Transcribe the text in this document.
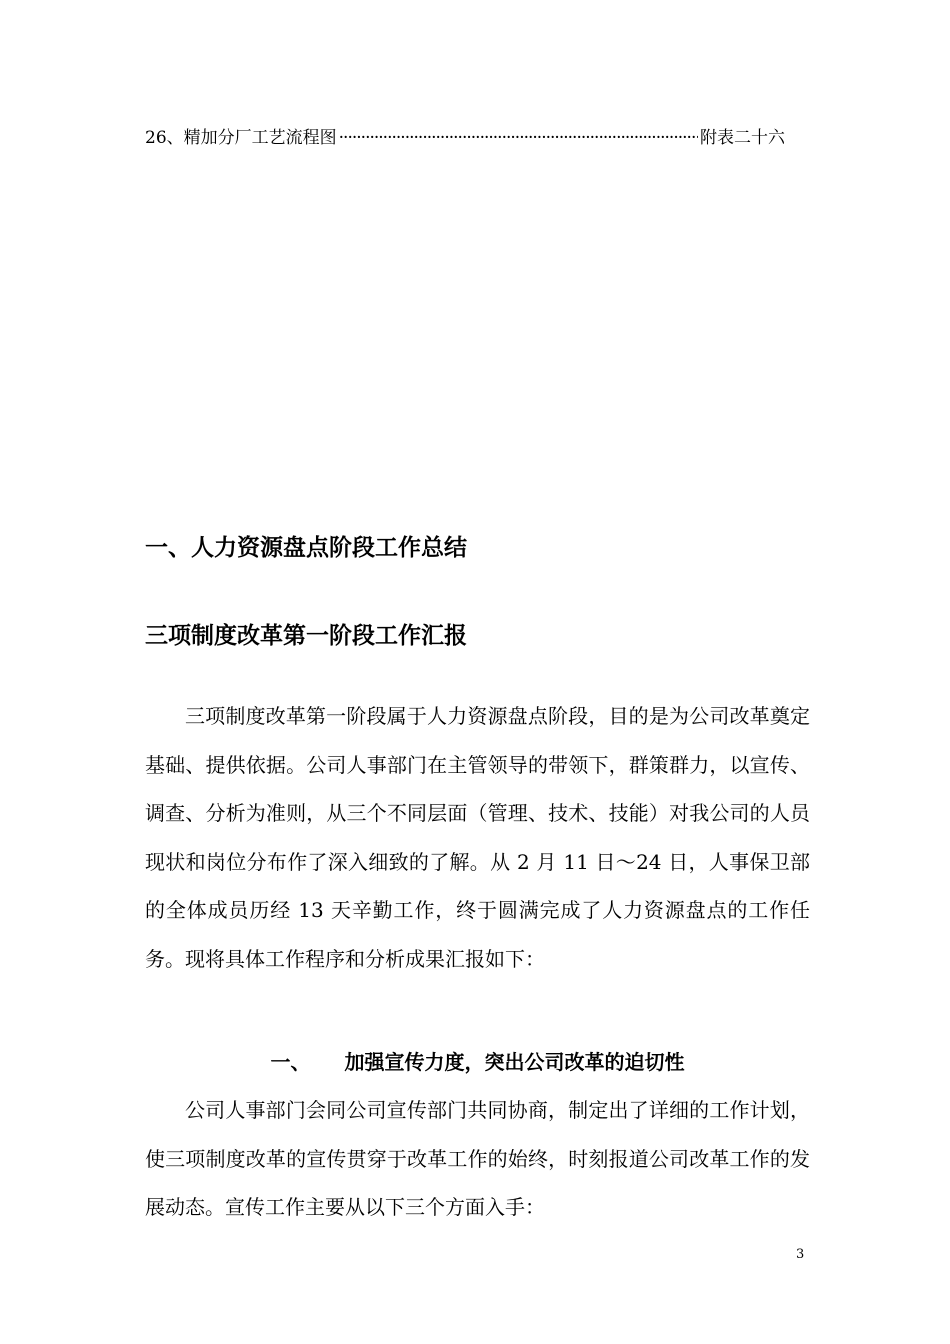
26、精加分厂工艺流程图
·····	附表二十六
一、人力资源盘点阶段工作总结
三项制度改革第一阶段工作汇报

三项制度改革第一阶段属于人力资源盘点阶段，目的是为公司改革奠定基础、提供依据。公司人事部门在主管领导的带领下，群策群力，以宣传、调查、分析为准则，从三个不同层面（管理、技术、技能）对我公司的人员现状和岗位分布作了深入细致的了解。从 2 月 11 日～24 日，人事保卫部的全体成员历经 13 天辛勤工作，终于圆满完成了人力资源盘点的工作任务。现将具体工作程序和分析成果汇报如下：

一、 加强宣传力度，突出公司改革的迫切性

公司人事部门会同公司宣传部门共同协商，制定出了详细的工作计划，使三项制度改革的宣传贯穿于改革工作的始终，时刻报道公司改革工作的发展动态。宣传工作主要从以下三个方面入手：

3
